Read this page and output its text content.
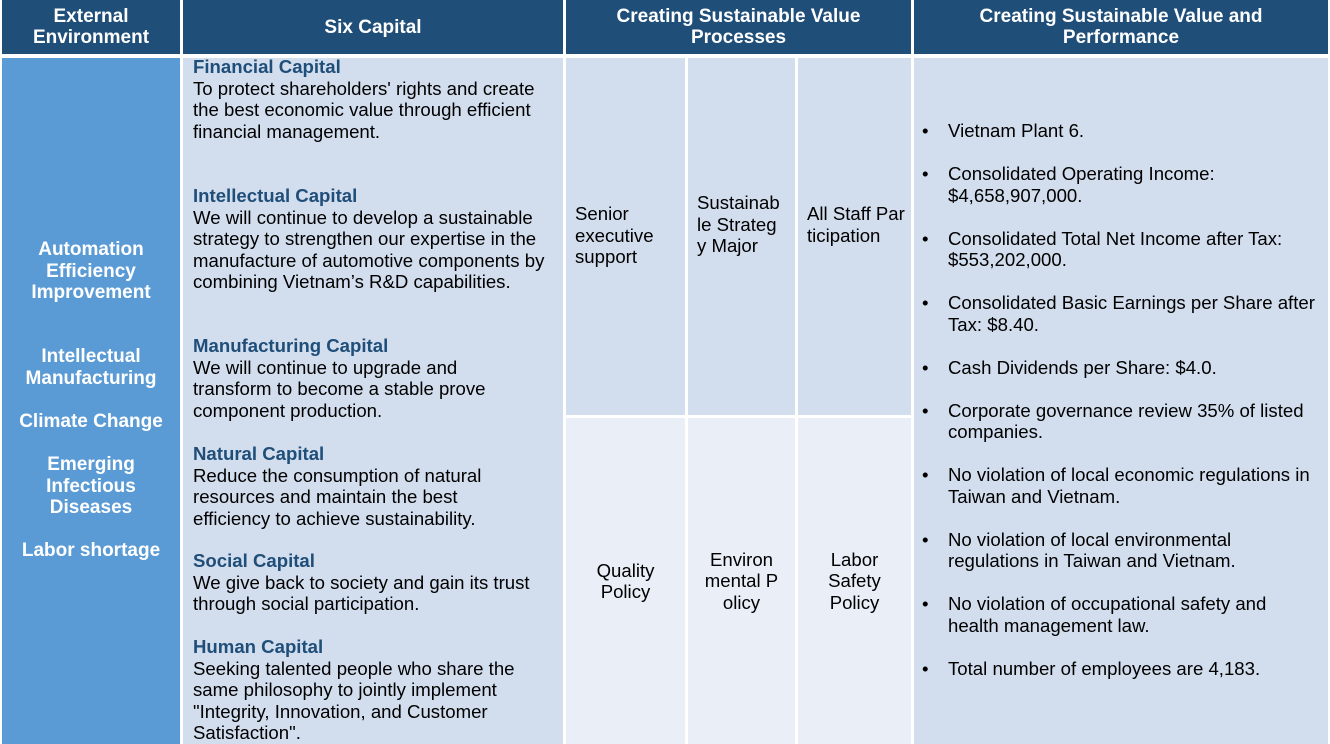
External Environment	Six Capital	Creating Sustainable Value Processes
Creating Sustainable Value and Performance
Automation Efficiency Improvement
Intellectual Manufacturing
Climate Change
Emerging Infectious Diseases
Labor shortage
Financial Capital
To protect shareholders' rights and create the best economic value through efficient financial management.
Intellectual Capital
We will continue to develop a sustainable strategy to strengthen our expertise in the manufacture of automotive components by combining Vietnam’s R&D capabilities.
Manufacturing Capital
We will continue to upgrade and transform to become a stable prove component production.
Natural Capital
Reduce the consumption of natural resources and maintain the best efficiency to achieve sustainability.
Social Capital
We give back to society and gain its trust through social participation.
Human Capital
Seeking talented people who share the same philosophy to jointly implement "Integrity, Innovation, and Customer Satisfaction".
Senior executive support
Sustainable Strategy Major
All Staff Participation
Quality Policy
Environmental Policy
Labor Safety Policy
• Vietnam Plant 6.
• Consolidated Operating Income: $4,658,907,000.
• Consolidated Total Net Income after Tax: $553,202,000.
• Consolidated Basic Earnings per Share after Tax: $8.40.
• Cash Dividends per Share: $4.0.
• Corporate governance review 35% of listed companies.
• No violation of local economic regulations in Taiwan and Vietnam.
• No violation of local environmental regulations in Taiwan and Vietnam.
• No violation of occupational safety and health management law.
• Total number of employees are 4,183.
